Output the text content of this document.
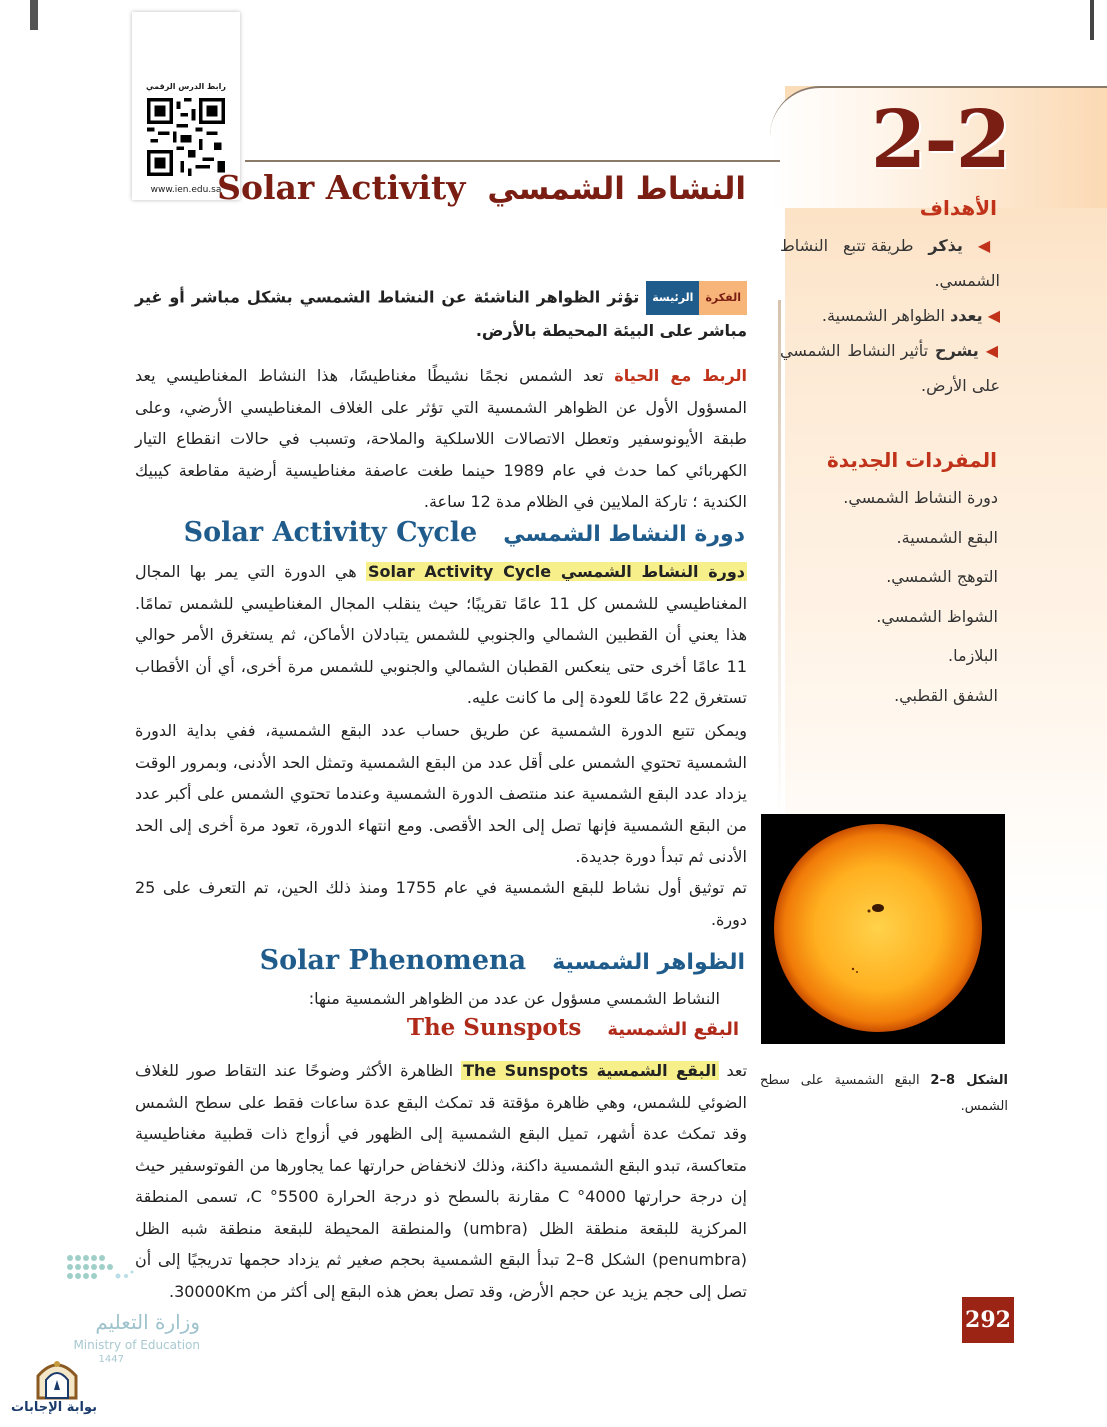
2-2
رابط الدرس الرقمي
www.ien.edu.sa	النشاط الشمسيSolar Activity
الأهداف
◀ يذكر طريقة تتبع النشاط الشمسي.
◀ يعدد الظواهر الشمسية.
◀ يشرح تأثير النشاط الشمسي على الأرض.
المفردات الجديدة
دورة النشاط الشمسي.
البقع الشمسية.
التوهج الشمسي.
الشواظ الشمسي.
البلازما.
الشفق القطبي.
الفكرةالرئيسة تؤثر الظواهر الناشئة عن النشاط الشمسي بشكل مباشر أو غير مباشر على البيئة المحيطة بالأرض.
الربط مع الحياة تعد الشمس نجمًا نشيطًا مغناطيسًا، هذا النشاط المغناطيسي يعد المسؤول الأول عن الظواهر الشمسية التي تؤثر على الغلاف المغناطيسي الأرضي، وعلى طبقة الأيونوسفير وتعطل الاتصالات اللاسلكية والملاحة، وتسبب في حالات انقطاع التيار الكهربائي كما حدث في عام 1989 حينما طغت عاصفة مغناطيسية أرضية مقاطعة كيبيك الكندية ؛ تاركة الملايين في الظلام مدة 12 ساعة.
دورة النشاط الشمسيSolar Activity Cycle
دورة النشاط الشمسي Solar Activity Cycle هي الدورة التي يمر بها المجال المغناطيسي للشمس كل 11 عامًا تقريبًا؛ حيث ينقلب المجال المغناطيسي للشمس تمامًا. هذا يعني أن القطبين الشمالي والجنوبي للشمس يتبادلان الأماكن، ثم يستغرق الأمر حوالي 11 عامًا أخرى حتى ينعكس القطبان الشمالي والجنوبي للشمس مرة أخرى، أي أن الأقطاب تستغرق 22 عامًا للعودة إلى ما كانت عليه.
ويمكن تتبع الدورة الشمسية عن طريق حساب عدد البقع الشمسية، ففي بداية الدورة الشمسية تحتوي الشمس على أقل عدد من البقع الشمسية وتمثل الحد الأدنى، وبمرور الوقت يزداد عدد البقع الشمسية عند منتصف الدورة الشمسية وعندما تحتوي الشمس على أكبر عدد من البقع الشمسية فإنها تصل إلى الحد الأقصى. ومع انتهاء الدورة، تعود مرة أخرى إلى الحد الأدنى ثم تبدأ دورة جديدة.
تم توثيق أول نشاط للبقع الشمسية في عام 1755 ومنذ ذلك الحين، تم التعرف على 25 دورة.
الظواهر الشمسيةSolar Phenomena
النشاط الشمسي مسؤول عن عدد من الظواهر الشمسية منها:
البقع الشمسيةThe Sunspots
تعد البقع الشمسية The Sunspots الظاهرة الأكثر وضوحًا عند التقاط صور للغلاف الضوئي للشمس، وهي ظاهرة مؤقتة قد تمكث البقع عدة ساعات فقط على سطح الشمس وقد تمكث عدة أشهر، تميل البقع الشمسية إلى الظهور في أزواج ذات قطبية مغناطيسية متعاكسة، تبدو البقع الشمسية داكنة، وذلك لانخفاض حرارتها عما يجاورها من الفوتوسفير حيث إن درجة حرارتها 4000° C مقارنة بالسطح ذو درجة الحرارة 5500° C، تسمى المنطقة المركزية للبقعة منطقة الظل (umbra) والمنطقة المحيطة للبقعة منطقة شبه الظل (penumbra) الشكل 8–2 تبدأ البقع الشمسية بحجم صغير ثم يزداد حجمها تدريجيًا إلى أن تصل إلى حجم يزيد عن حجم الأرض، وقد تصل بعض هذه البقع إلى أكثر من 30000Km.
الشكل 8–2 البقع الشمسية على سطح الشمس.
292
وزارة التعليم
Ministry of Education
1447
بوابة الإجابات
